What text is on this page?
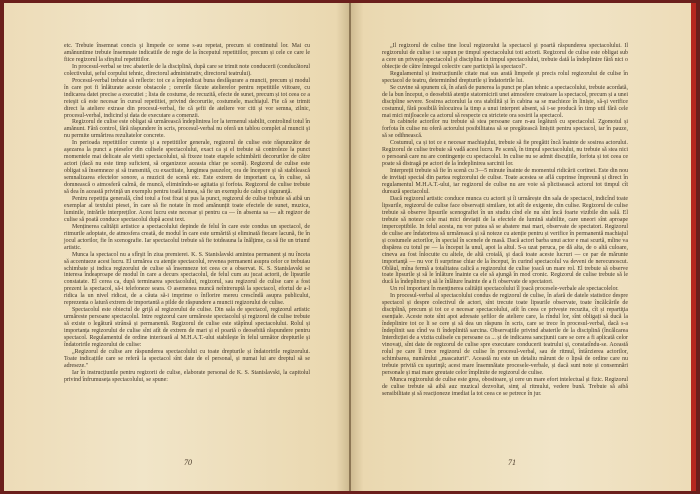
etc. Trebuie însemnat concis şi limpede ce some s-au repetat, precum si continutul lor. Mai cu amănuntime trebuie însemnate indicatiile de regie de la începutul repetitiilor, precum și cele ce care le fiice regizorul la sfirşitul repetitiilor.

In procesul-verbal se trec abaterile de la disciplină, după care se trimit note conducerii (conducătorul colectivului, șeful corpului tehnic, directorul administrativ, directorul teatrului).

Procesul-verbal trebuie să reflecte: tot ce a împiedicat buna desfăşurare a muncii, precum și modul în care pot fi înlăturate aceste obstacole ; cererile făcute atelierelor pentru repetitiile viitoare, cu indicarea datei precise a executiei ; lista de costume, de recuzită, efecte de sunet, precum și tot ceea ce a reieşit că este necesar în cursul repetitiei, privind decoruriie, costumele, machiajul. Fie că se trimit direct la atelierе extrase din procesul-verbal, fie că şefii de ateliere vor citi şi vor semna, zilnic, procesul-verbal, indicind și data de executare a comenzii.

Regizorul de culise este obligat să urmărească îndeplinirea lor la termenul stabilit, controlind totul în amănunt. Fără control, fără răspundere în scris, procesul-verbal nu oferă un tablou complet al muncii şi nu permite urmărirea rezultatelor concrete.

In perioada repetitiilor curente şi a repetitiilor generale, regizorul de culise este răspunzător de aşezarea la punct a pieselor din culisele spectacolului, exact ca şi el trebuie să controleze la punct momentele mai delicate ale vietii spectacolului, să fixeze toate etapele schimbării decorurilor de către actori (dacă nu este timp suficient, să organizeze aceasta chiar pe scenă). Regizorul de culise este obligat să însemneze și să transmită, cu exactitate, lungimea pauzelor, ora de începere și să stabilească semnalizarea efectelor sonore, a muzicii de scenă etc. Este extrem de important ca, în culise, să domnească o atmosferă calmă, de muncă, eliminîndu-se agitatia şi forfota. Regizorul de culise trebuie să dea în această privință un exemplu pentru toată lumea, să fie un exemplu de calm şi siguranţă.

Pentru repetiția generală, cînd totul a fost fixat și pus la punct, regizorul de culise trebuie să aibă un exemplar al textului piesei, în care să fie notate în mod amănunțit toate efectele de sunet, muzica, luminile, intrările interpreților. Acest lucru este necesar și pentru ca — în absenta sa — alt regizor de culise să poată conduce spectacolul după acest text.

Menținerea calității artistice a spectacolului depinde de felul în care este condus un spectacol, de ritmurile adoptate, de atmosfera creată, de modul în care este urmărită și eliminată fiecare lacună, fie în jocul actorilor, fie în scenografie. Iar spectacolul trebuie să fie totdeauna la înălţime, ca să fie un triumf artistic.

Munca la spectacol nu a sfîrşit în ziua premierei. K. S. Stanislavski amintea permanent şi nu înceta să accentueze acest lucru. El urmărea cu atenţie spectacolul, revenea permanent asupra celor ce trebuiau schimbate şi indica regizorului de culise să însemneze tot ceea ce a observat. K. S. Stanislavski se interesa îndeaproape de modul în care a decurs spectacolul, de felul cum au jucat actorii, de lipsurile constatate. El cerea ca, după terminarea spectacolului, regizorul, sau regizorul de culise care a fost prezent la spectacol, să-i telefoneze seara. O asemenea muncă neîntreruptă la spectacol, efortul de a-l ridica la un nivel ridicat, de a căuta să-i imprime o înflorire mereu crescîndă asupra publicului, reprezenta o latură extrem de importantă a pilde de răspundere a muncii regizorului de culise.

Spectacolul este obiectul de grijă al regizorului de culise. Din sala de spectacol, regizorul artistic urmăreste persoane spectacolul. Intre regizorul care urmăreste spectacolul și regizorul de culise trebuie să existe o legătură strânsă și permanentă. Regizorul de culise este stăpînul spectacolului. Rolul și importanța regizorului de culise sînt atît de extrem de mari și el poartă o deosebită răspundere pentru spectacol. Regulamentul de ordine interioară al M.H.A.T.-ului stabileşte în felul următor drepturile şi îndatoririle regizorului de culise:

„Regizorul de culise are răspunderea spectacolului cu toate drepturile și îndatoririle regizorului. Toate indicațiile care se referă la spectacol sînt date de el personal, și numai lui are dreptul să se adreseze."

Iar în instrucțiunile pentru regizorii de culise, elaborate personal de K. S. Stanislavski, la capitolul privind înfrumuseța spectacolului, se spune:

70

„Il regizorul de culise tine locul regizorului la spectacol şi poartă răspunderea spectacolului. Il regizorului de culise i se supun pe timpul spectacolului toti actorii. Regizorul de culise este obligat sub a cere un privește spectacolul şi disciplina în timpul spectacolului, trebuie dată la îndeplinire fără nici o obiecție de către întregul colectiv care participă la spectacol".

Regulamentul și instrucțiunile citate mai sus arată limpede şi precis rolul regizorului de culise în spectacol de teatru, determinînd drepturile și îndatoririle lui.

Se cuvine să spunem că, în afară de punerea la punct pe plan tehnic a spectacolului, trebuie acordată, de la bun început, o deosebită atenție statornicirii unei atmosfere creatoare la spectacol, precum și a unei discipline severe. Sosirea actorului la ora stabilită și în cabina sa se machieze în liniște, să-şi verifice costumul, fără posibilă înlocuirea la timp a unui interpret absent, să i-se producă în timp util fără cele mai mici mijloacele ca actorul să respecte cu strictete ora sosirii la spectacol.

In cabinele actorilor nu trebuie să stea persoane care n-au legătură cu spectacolul. Zgomotul și forfota în culise nu oferă actorului posibilitatea să se pregătească liniștit pentru spectacol, iar în pauze, să se odihnească.

Costumul, ca și tot ce e necesar machiajului, trebuie să fie pregătit încă înainte de sosirea actorului. Regizorul de culise trebuie să vadă acest lucru. Pe scenă, în timpul spectacolului, nu trebuie să stea nici o persoană care nu are contingențe cu spectacolul. In culise nu se admit discuțiile, forfota și tot ceea ce poate să distragă pe actori de la îndeplinirea sarcinii lor.

Interpreții trebuie să fie în scenă cu 3—5 minute înainte de momentul ridicării cortinei. Este din nou de invitați special din partea regizorului de culise. Toate acestea se află cuprinse împreună și direct în regulamentul M.H.A.T.-ului, iar regizorul de culise nu are voie să plictisească actorul tot timpul cît durează spectacolul.

Dacă regizorul artistic conduce munca cu actorii și îi urmărește din sala de spectacol, indicînd toate lipsurile, regizorul de culise face observații similare, tot atît de exigente, din culise. Regizorul de culise trebuie să observe lipsurile scenografiei în un studiu cînd ele nu sînt încă foarte vizibile din sală. El trebuie să noteze cele mai mici deviații de la efectele de lumină stabilite, care uneori sînt aproape imperceptibile. In felul acesta, nu vor putea să se abatere mai mari, observate de spectatori. Regizorul de culise are îndatorirea să urmărească și să noteze cu atenție pentru și verifice în permanentă machiajul și costumele actorilor, în special în scenele de masă. Dacă actori barba unui actor e mai scurtă, mîine va dispărea cu totul pe — la început la unul, apoi la altul. S-a uzat peruca, pe dă alta, de o altă culoare, cineva au fost înlocuite cu altele, de altă croială, şi dacă toate aceste lucruri — ce par de mărunte importanţă — nu vor fi surprinse chiar de la început, în curind spectacolul va deveni de nerecunoscut. Oblăul, mîna fermă a totalitatea calică a regizorului de culise joacă un mare rol. El trebuie să observe toate lipsurile şi să le înlăture înainte ca ele să ajungă în mod cronic. Regizorul de culise trebuie să le ducă la îndeplinire şi să le înlăture înainte de a fi observate de spectatori.

Un rol important în menținerea calității spectacolului îl joacă procesele-verbale ale spectacolelor.

In procesul-verbal al spectacolului condus de regizorul de culise, în afară de datele statistice despre spectacol și despre colectivul de actori, sînt trecute toate lipsurile observate, toate încălcările de disciplină, precum și tot ce e necesar spectacolului, atît în ceea ce privește recuzita, cît și repartiţia esențiale. Aceste note sînt apoi adresate șefilor de ateliere care, la rîndul lor, sînt obligați să ducă la îndeplinire tot ce li se cere și să dea un răspuns în scris, care se trece în procesul-verbal, dacă s-a îndeplinit sau cînd va fi îndeplinită sarcina. Observațiile privind abaterile de la disciplină (încălcarea Interdicției de a vizita culisele cu persoane ca ... și de indicarea sancțiunii care se cere a fi aplicată celor vinovaţi, sînt date de regizorul de culise spre executare conducerii teatrului și, constatîndu-se. Această rolul pe care îl trece regizorul de culise în procesul-verbal, sau de ritmul, întârzierea actorilor, schimbarea, numărului „mascaturii". Această nu este un detaliu mărunt de o lipsă de ordine care nu trebuie privită cu uşurinţă; acest mare însemnătate procesele-verbale, și dacă sunt note și consemnări personale şi mai mare greutate celor împlinite de regizorul de culise.

Munca regizorului de culise este grea, obositoare, şi cere un mare efort intelectual și fizic. Regizorul de culise trebuie să aibă auz muzical dezvoltat, simţ al ritmului, vedere bună. Trebuie să aibă sensibilitate și să reacționeze imediat la tot ceea ce se petrece în jur.

71
